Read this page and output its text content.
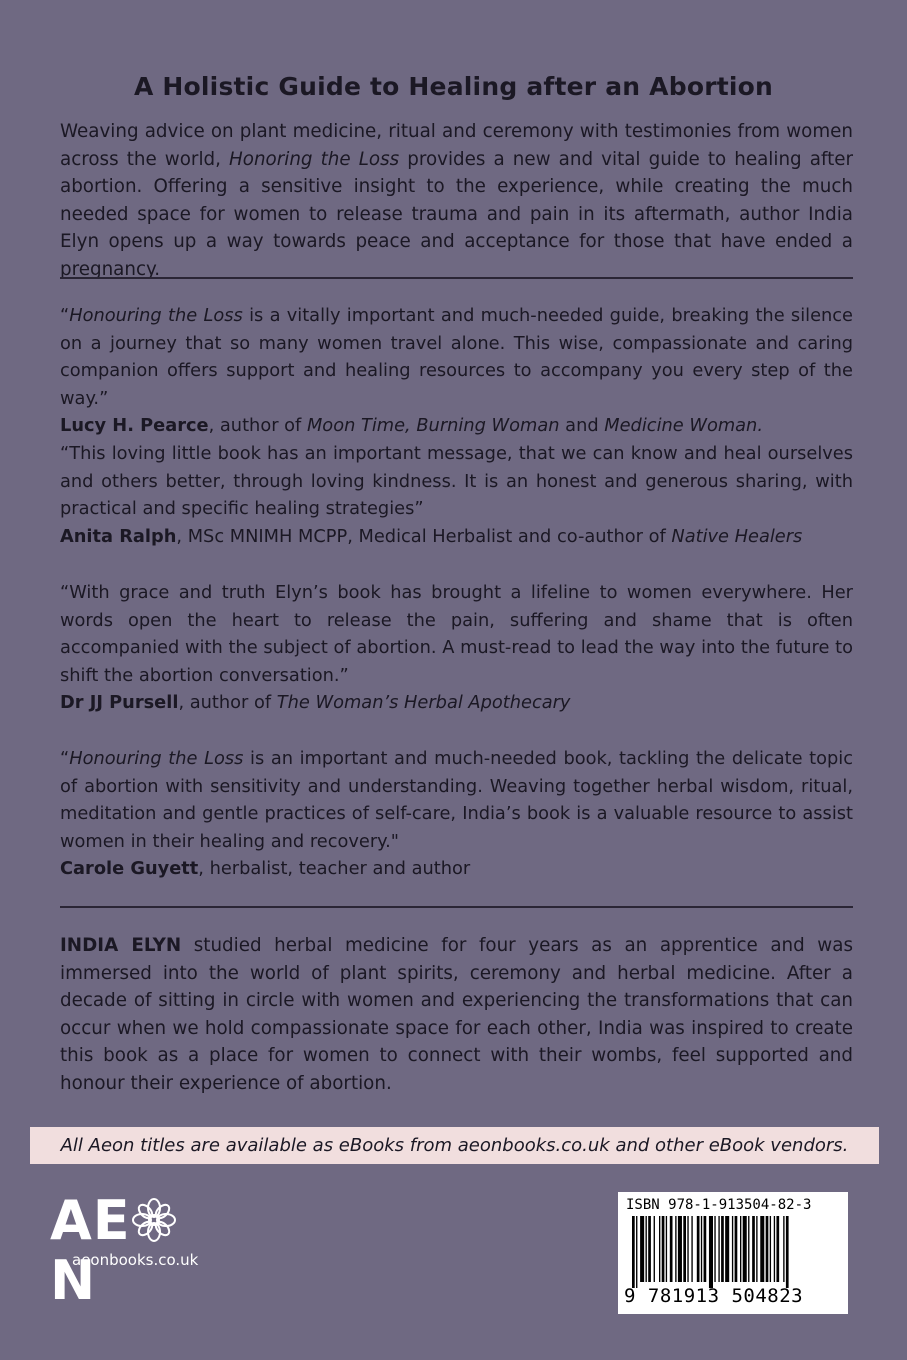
A Holistic Guide to Healing after an Abortion
Weaving advice on plant medicine, ritual and ceremony with testimonies from women across the world, Honoring the Loss provides a new and vital guide to healing after abortion. Offering a sensitive insight to the experience, while creating the much needed space for women to release trauma and pain in its aftermath, author India Elyn opens up a way towards peace and acceptance for those that have ended a pregnancy.
“Honouring the Loss is a vitally important and much-needed guide, breaking the silence on a journey that so many women travel alone. This wise, compassionate and caring companion offers support and healing resources to accompany you every step of the way.”
Lucy H. Pearce, author of Moon Time, Burning Woman and Medicine Woman.
“This loving little book has an important message, that we can know and heal ourselves and others better, through loving kindness. It is an honest and generous sharing, with practical and specific healing strategies”
Anita Ralph, MSc MNIMH MCPP, Medical Herbalist and co-author of Native Healers
“With grace and truth Elyn’s book has brought a lifeline to women everywhere. Her words open the heart to release the pain, suffering and shame that is often accompanied with the subject of abortion. A must-read to lead the way into the future to shift the abortion conversation.”
Dr JJ Pursell, author of The Woman’s Herbal Apothecary
“Honouring the Loss is an important and much-needed book, tackling the delicate topic of abortion with sensitivity and understanding. Weaving together herbal wisdom, ritual, meditation and gentle practices of self-care, India’s book is a valuable resource to assist women in their healing and recovery."
Carole Guyett, herbalist, teacher and author
INDIA ELYN studied herbal medicine for four years as an apprentice and was immersed into the world of plant spirits, ceremony and herbal medicine. After a decade of sitting in circle with women and experiencing the transformations that can occur when we hold compassionate space for each other, India was inspired to create this book as a place for women to connect with their wombs, feel supported and honour their experience of abortion.
All Aeon titles are available as eBooks from aeonbooks.co.uk and other eBook vendors.
AEN
aeonbooks.co.uk
ISBN 978-1-913504-82-3
9 781913 504823
